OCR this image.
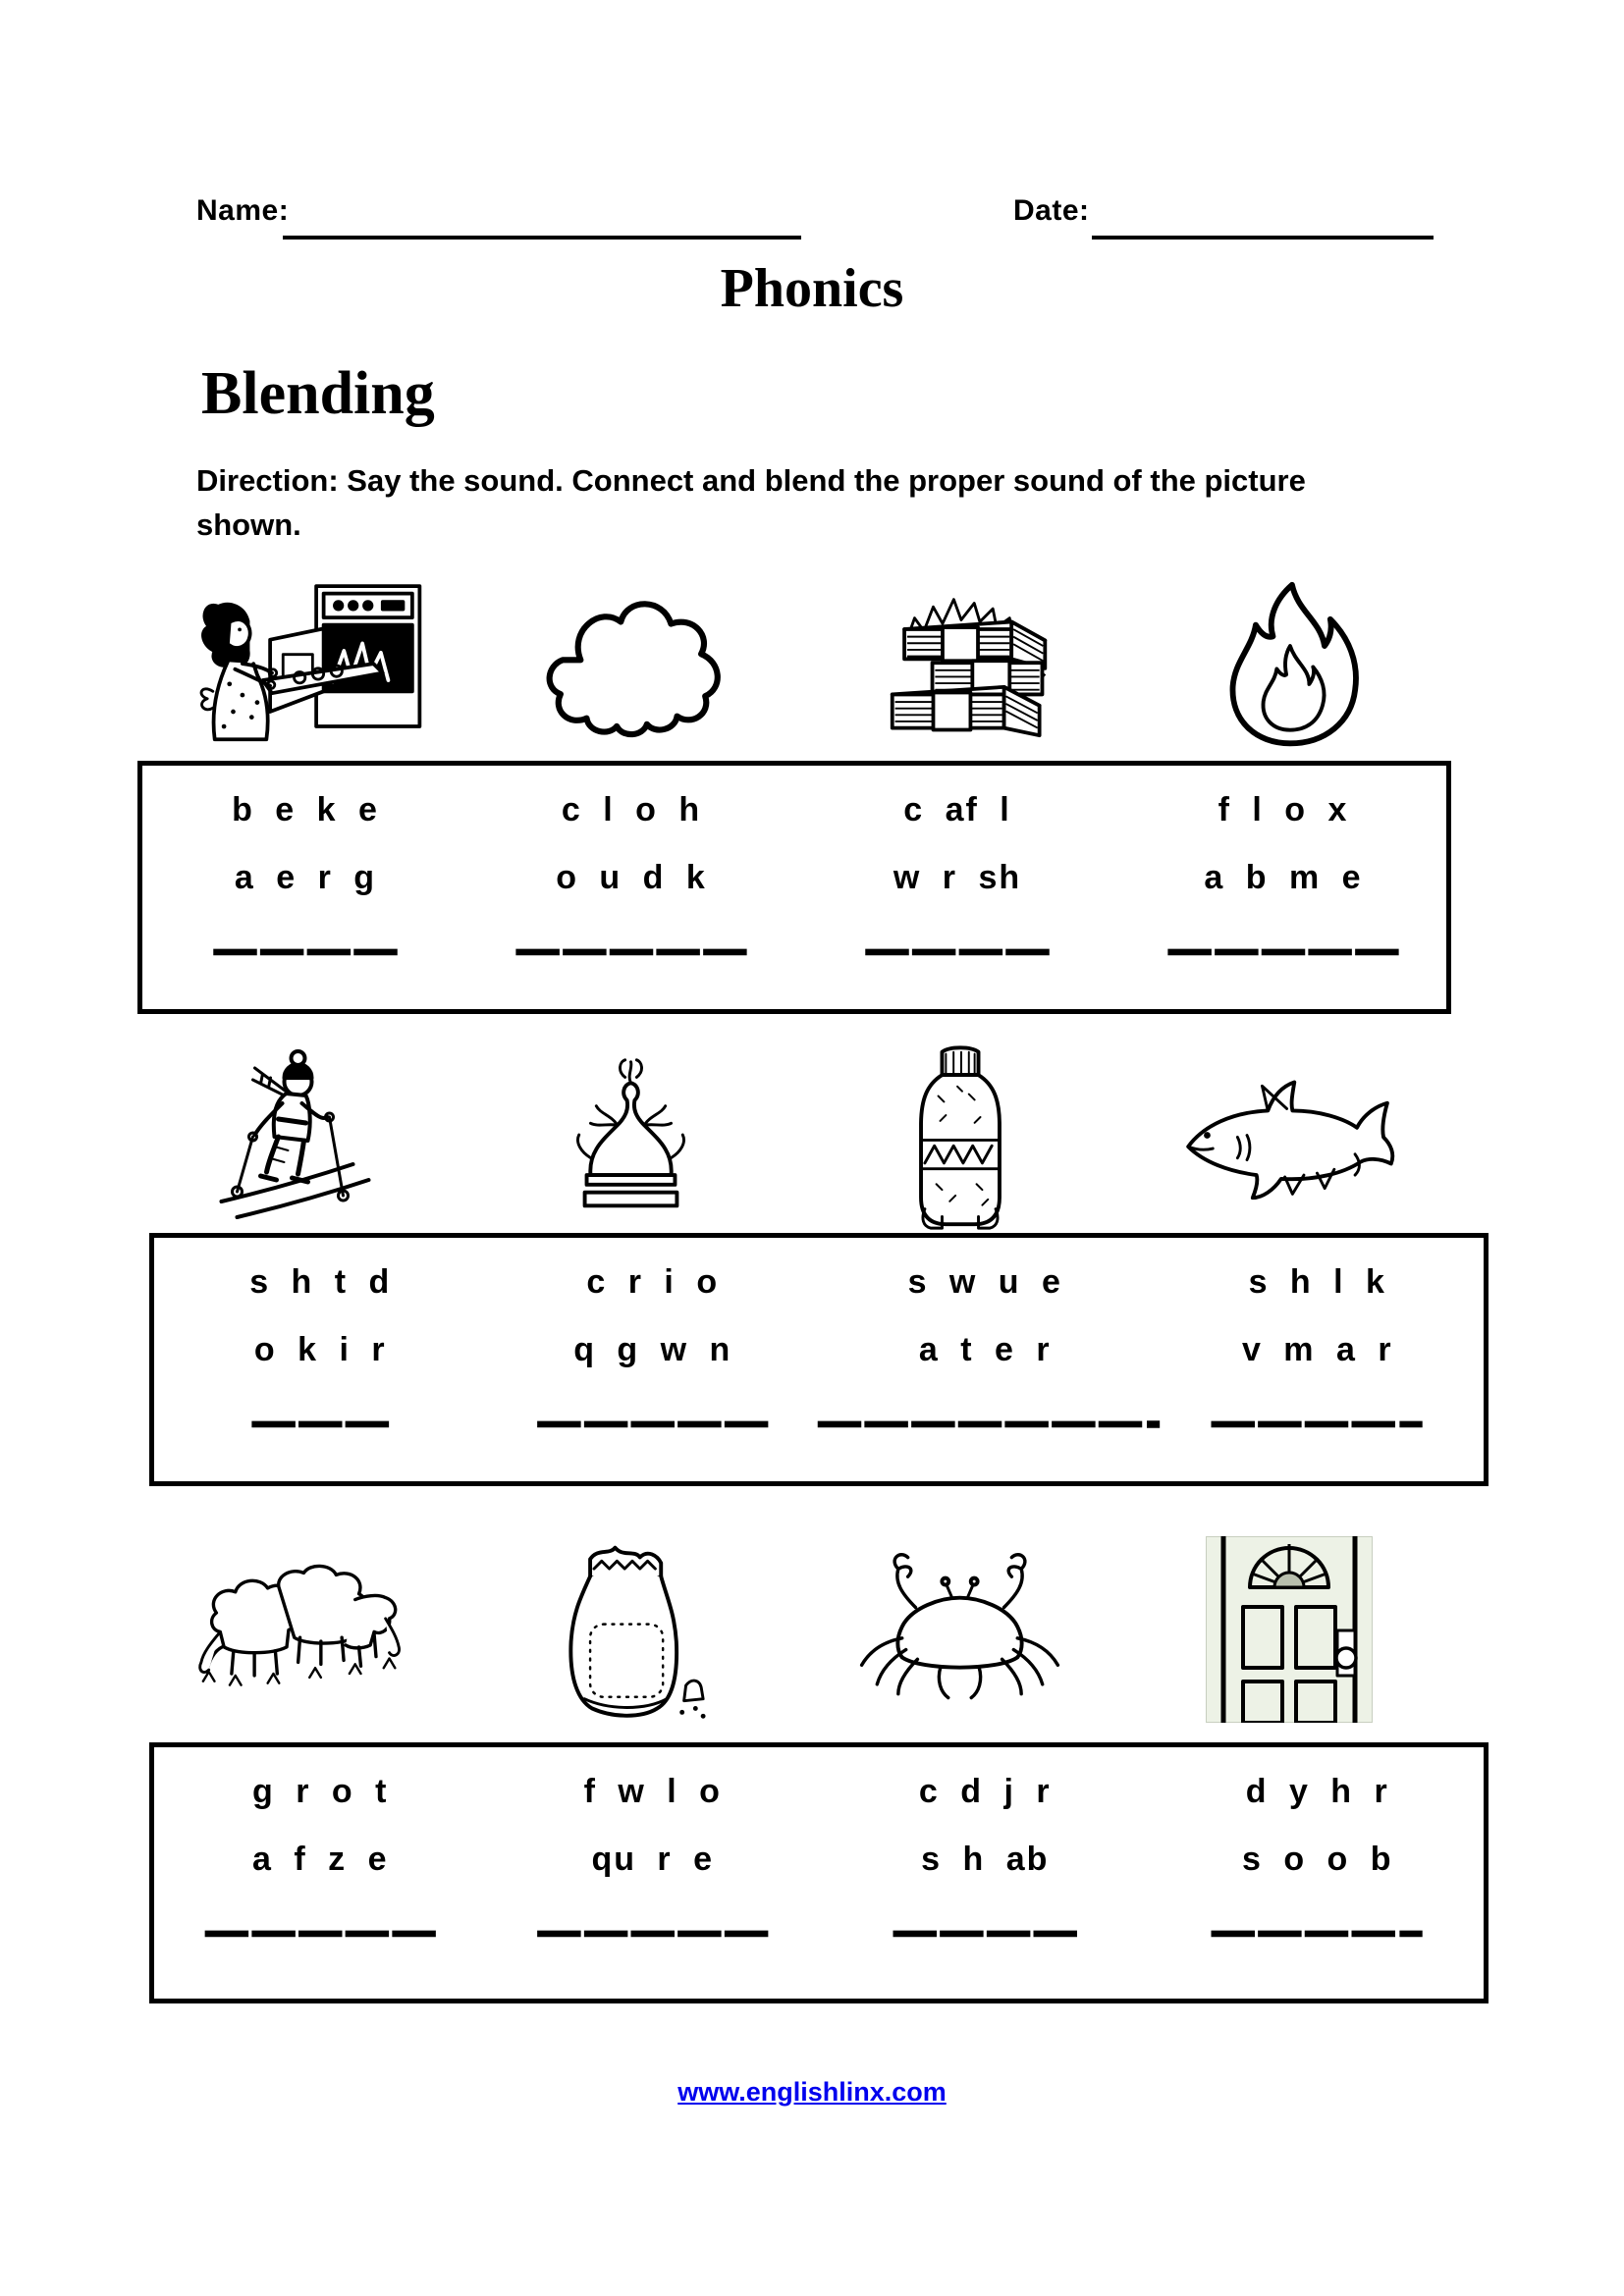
Name:	Date:
Phonics
Blending
Direction: Say the sound. Connect and blend the proper sound of the picture shown.
b e k e
a e r g
— — — —
c l o h
o u d k
— — — — —
c af l
w r sh
— — — —
f l o x
a b m e
— — — — —
s h t d
o k i r
— — —
c r i o
q g w n
— — — — —
s w u e
a t e r
— — — — — — — -
s h l k
v m a r
— — — — –
g r o t
a f z e
— — — — —
f w l o
qu r e
— — — — —
c d j r
s h ab
— — — —
d y h r
s o o b
— — — — –
www.englishlinx.com
